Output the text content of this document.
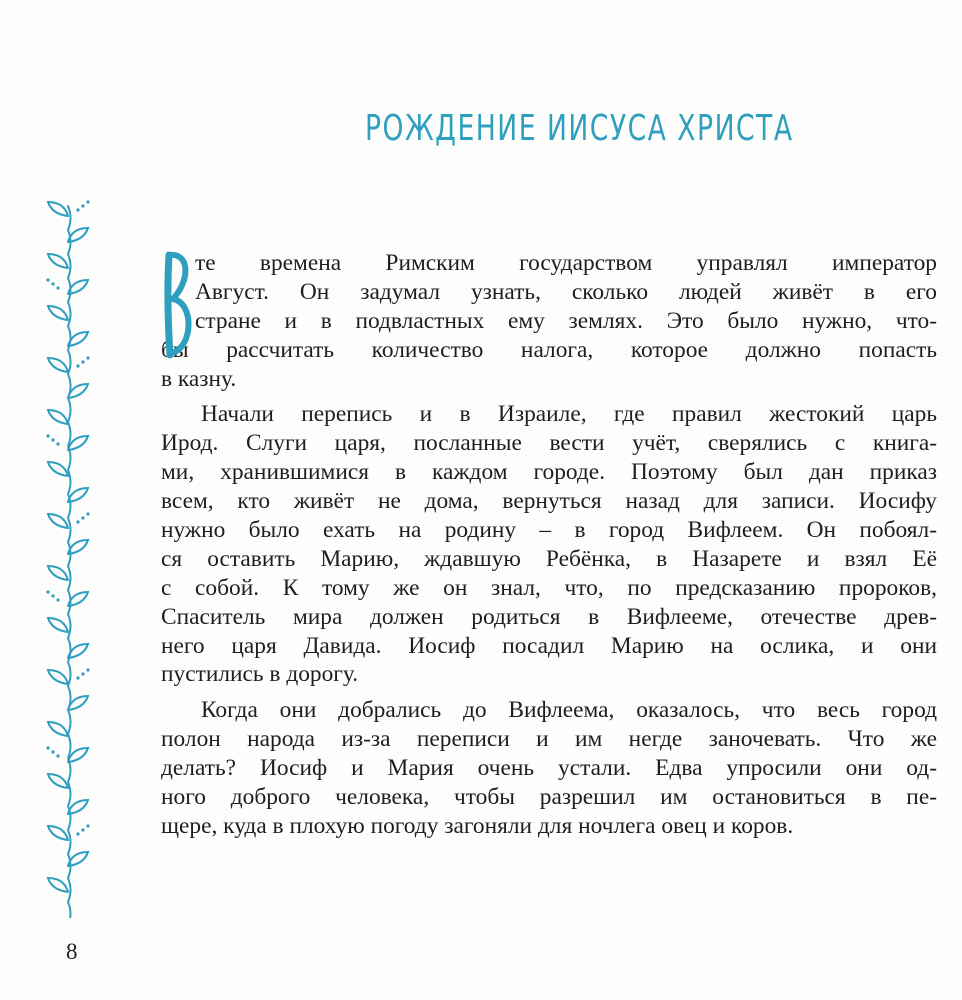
РОЖДЕНИЕ ИИСУСА ХРИСТА
В
те времена Римским государством управлял император
Август. Он задумал узнать, сколько людей живёт в его
стране и в подвластных ему землях. Это было нужно, что-
бы рассчитать количество налога, которое должно попасть
в казну.
Начали перепись и в Израиле, где правил жестокий царь
Ирод. Слуги царя, посланные вести учёт, сверялись с книга-
ми, хранившимися в каждом городе. Поэтому был дан приказ
всем, кто живёт не дома, вернуться назад для записи. Иосифу
нужно было ехать на родину – в город Вифлеем. Он побоял-
ся оставить Марию, ждавшую Ребёнка, в Назарете и взял Её
с собой. К тому же он знал, что, по предсказанию пророков,
Спаситель мира должен родиться в Вифлееме, отечестве древ-
него царя Давида. Иосиф посадил Марию на ослика, и они
пустились в дорогу.
Когда они добрались до Вифлеема, оказалось, что весь город
полон народа из-за переписи и им негде заночевать. Что же
делать? Иосиф и Мария очень устали. Едва упросили они од-
ного доброго человека, чтобы разрешил им остановиться в пе-
щере, куда в плохую погоду загоняли для ночлега овец и коров.
8
